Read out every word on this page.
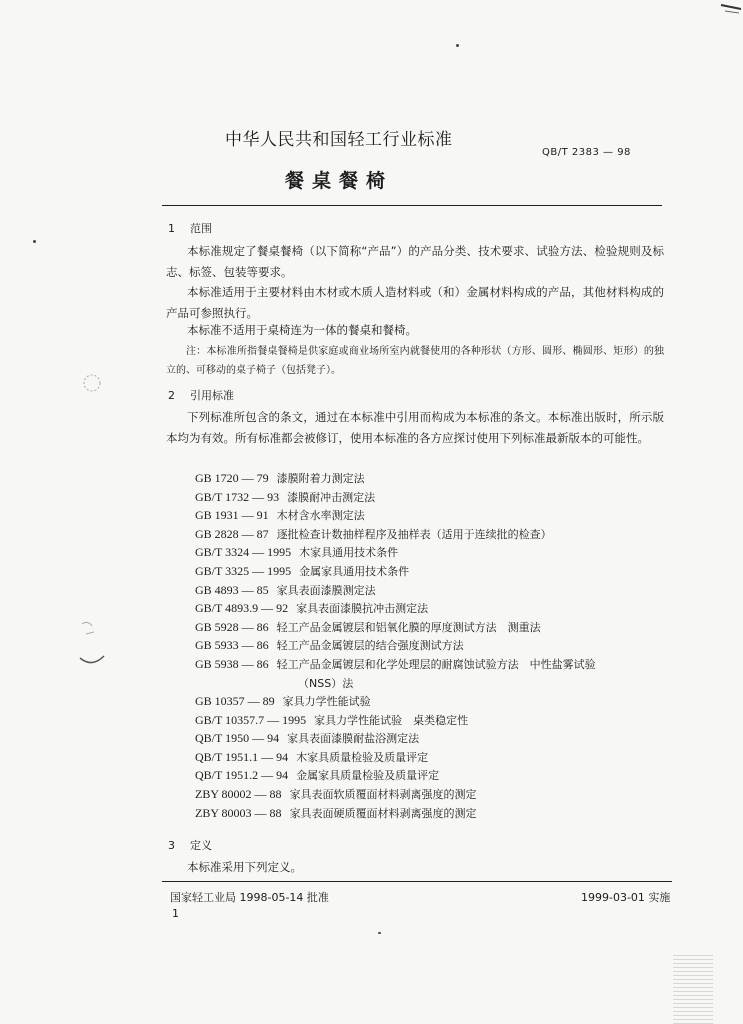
中华人民共和国轻工行业标准
QB/T 2383 — 98
餐桌餐椅
1 范围

本标准规定了餐桌餐椅（以下简称“产品”）的产品分类、技术要求、试验方法、检验规则及标志、标签、包装等要求。

本标准适用于主要材料由木材或木质人造材料或（和）金属材料构成的产品，其他材料构成的产品可参照执行。

本标准不适用于桌椅连为一体的餐桌和餐椅。

注：本标准所指餐桌餐椅是供家庭或商业场所室内就餐使用的各种形状（方形、圆形、椭圆形、矩形）的独立的、可移动的桌子椅子（包括凳子）。

2 引用标准

下列标准所包含的条文，通过在本标准中引用而构成为本标准的条文。本标准出版时，所示版本均为有效。所有标准都会被修订，使用本标准的各方应探讨使用下列标准最新版本的可能性。

GB 1720 — 79 漆膜附着力测定法
GB/T 1732 — 93 漆膜耐冲击测定法
GB 1931 — 91 木材含水率测定法
GB 2828 — 87 逐批检查计数抽样程序及抽样表（适用于连续批的检查）
GB/T 3324 — 1995 木家具通用技术条件
GB/T 3325 — 1995 金属家具通用技术条件
GB 4893 — 85 家具表面漆膜测定法
GB/T 4893.9 — 92 家具表面漆膜抗冲击测定法
GB 5928 — 86 轻工产品金属镀层和铝氧化膜的厚度测试方法　测重法
GB 5933 — 86 轻工产品金属镀层的结合强度测试方法
GB 5938 — 86 轻工产品金属镀层和化学处理层的耐腐蚀试验方法　中性盐雾试验
（NSS）法
GB 10357 — 89 家具力学性能试验
GB/T 10357.7 — 1995 家具力学性能试验　桌类稳定性
QB/T 1950 — 94 家具表面漆膜耐盐浴测定法
QB/T 1951.1 — 94 木家具质量检验及质量评定
QB/T 1951.2 — 94 金属家具质量检验及质量评定
ZBY 80002 — 88 家具表面软质覆面材料剥离强度的测定
ZBY 80003 — 88 家具表面硬质覆面材料剥离强度的测定
3 定义

本标准采用下列定义。

国家轻工业局 1998-05-14 批准	1999-03-01 实施
1
